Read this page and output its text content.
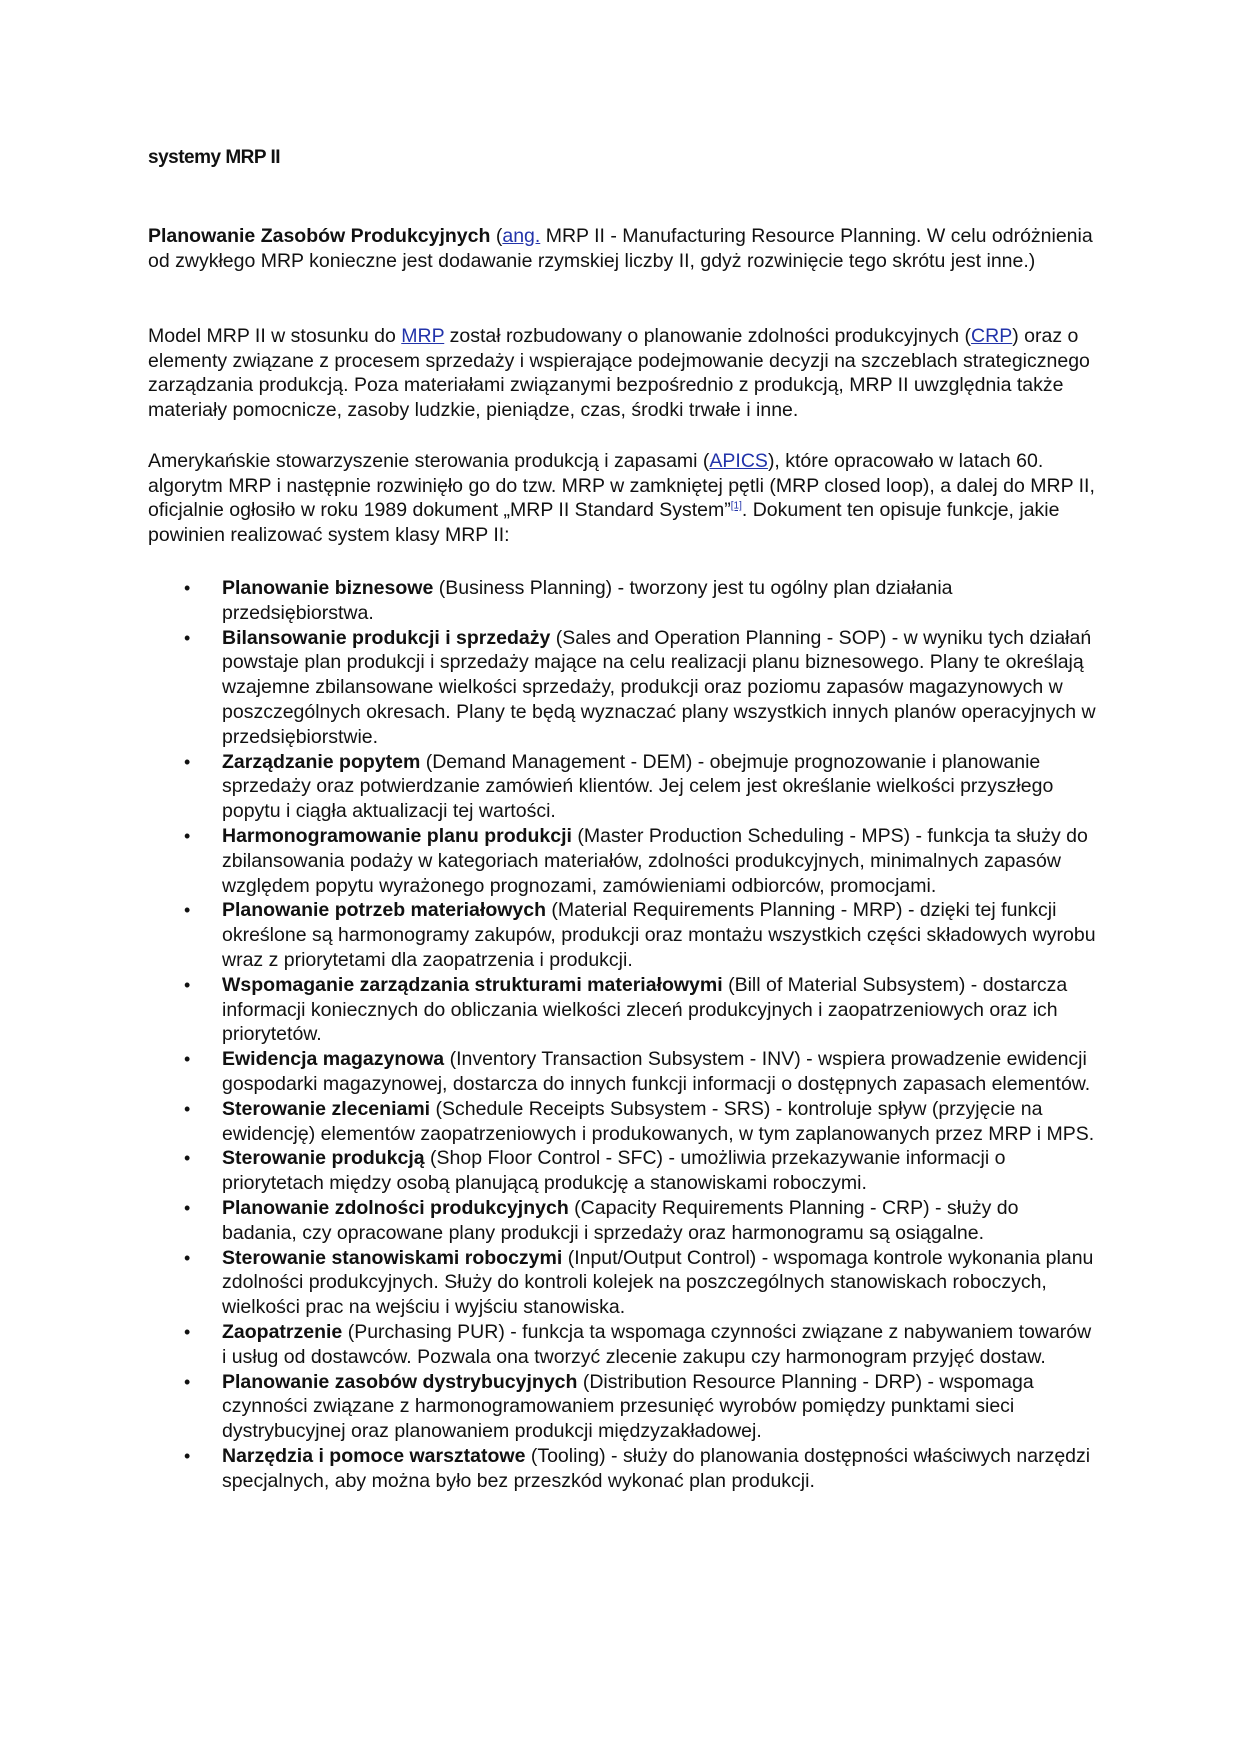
systemy MRP II

Planowanie Zasobów Produkcyjnych (ang. MRP II - Manufacturing Resource Planning. W celu odróżnienia od zwykłego MRP konieczne jest dodawanie rzymskiej liczby II, gdyż rozwinięcie tego skrótu jest inne.)

Model MRP II w stosunku do MRP został rozbudowany o planowanie zdolności produkcyjnych (CRP) oraz o elementy związane z procesem sprzedaży i wspierające podejmowanie decyzji na szczeblach strategicznego zarządzania produkcją. Poza materiałami związanymi bezpośrednio z produkcją, MRP II uwzględnia także materiały pomocnicze, zasoby ludzkie, pieniądze, czas, środki trwałe i inne.

Amerykańskie stowarzyszenie sterowania produkcją i zapasami (APICS), które opracowało w latach 60. algorytm MRP i następnie rozwinięło go do tzw. MRP w zamkniętej pętli (MRP closed loop), a dalej do MRP II, oficjalnie ogłosiło w roku 1989 dokument „MRP II Standard System”[1]. Dokument ten opisuje funkcje, jakie powinien realizować system klasy MRP II:

• Planowanie biznesowe (Business Planning) - tworzony jest tu ogólny plan działania przedsiębiorstwa.
• Bilansowanie produkcji i sprzedaży (Sales and Operation Planning - SOP) - w wyniku tych działań powstaje plan produkcji i sprzedaży mające na celu realizacji planu biznesowego. Plany te określają wzajemne zbilansowane wielkości sprzedaży, produkcji oraz poziomu zapasów magazynowych w poszczególnych okresach. Plany te będą wyznaczać plany wszystkich innych planów operacyjnych w przedsiębiorstwie.
• Zarządzanie popytem (Demand Management - DEM) - obejmuje prognozowanie i planowanie sprzedaży oraz potwierdzanie zamówień klientów. Jej celem jest określanie wielkości przyszłego popytu i ciągła aktualizacji tej wartości.
• Harmonogramowanie planu produkcji (Master Production Scheduling - MPS) - funkcja ta służy do zbilansowania podaży w kategoriach materiałów, zdolności produkcyjnych, minimalnych zapasów względem popytu wyrażonego prognozami, zamówieniami odbiorców, promocjami.
• Planowanie potrzeb materiałowych (Material Requirements Planning - MRP) - dzięki tej funkcji określone są harmonogramy zakupów, produkcji oraz montażu wszystkich części składowych wyrobu wraz z priorytetami dla zaopatrzenia i produkcji.
• Wspomaganie zarządzania strukturami materiałowymi (Bill of Material Subsystem) - dostarcza informacji koniecznych do obliczania wielkości zleceń produkcyjnych i zaopatrzeniowych oraz ich priorytetów.
• Ewidencja magazynowa (Inventory Transaction Subsystem - INV) - wspiera prowadzenie ewidencji gospodarki magazynowej, dostarcza do innych funkcji informacji o dostępnych zapasach elementów.
• Sterowanie zleceniami (Schedule Receipts Subsystem - SRS) - kontroluje spływ (przyjęcie na ewidencję) elementów zaopatrzeniowych i produkowanych, w tym zaplanowanych przez MRP i MPS.
• Sterowanie produkcją (Shop Floor Control - SFC) - umożliwia przekazywanie informacji o priorytetach między osobą planującą produkcję a stanowiskami roboczymi.
• Planowanie zdolności produkcyjnych (Capacity Requirements Planning - CRP) - służy do badania, czy opracowane plany produkcji i sprzedaży oraz harmonogramu są osiągalne.
• Sterowanie stanowiskami roboczymi (Input/Output Control) - wspomaga kontrole wykonania planu zdolności produkcyjnych. Służy do kontroli kolejek na poszczególnych stanowiskach roboczych, wielkości prac na wejściu i wyjściu stanowiska.
• Zaopatrzenie (Purchasing PUR) - funkcja ta wspomaga czynności związane z nabywaniem towarów i usług od dostawców. Pozwala ona tworzyć zlecenie zakupu czy harmonogram przyjęć dostaw.
• Planowanie zasobów dystrybucyjnych (Distribution Resource Planning - DRP) - wspomaga czynności związane z harmonogramowaniem przesunięć wyrobów pomiędzy punktami sieci dystrybucyjnej oraz planowaniem produkcji międzyzakładowej.
• Narzędzia i pomoce warsztatowe (Tooling) - służy do planowania dostępności właściwych narzędzi specjalnych, aby można było bez przeszkód wykonać plan produkcji.
